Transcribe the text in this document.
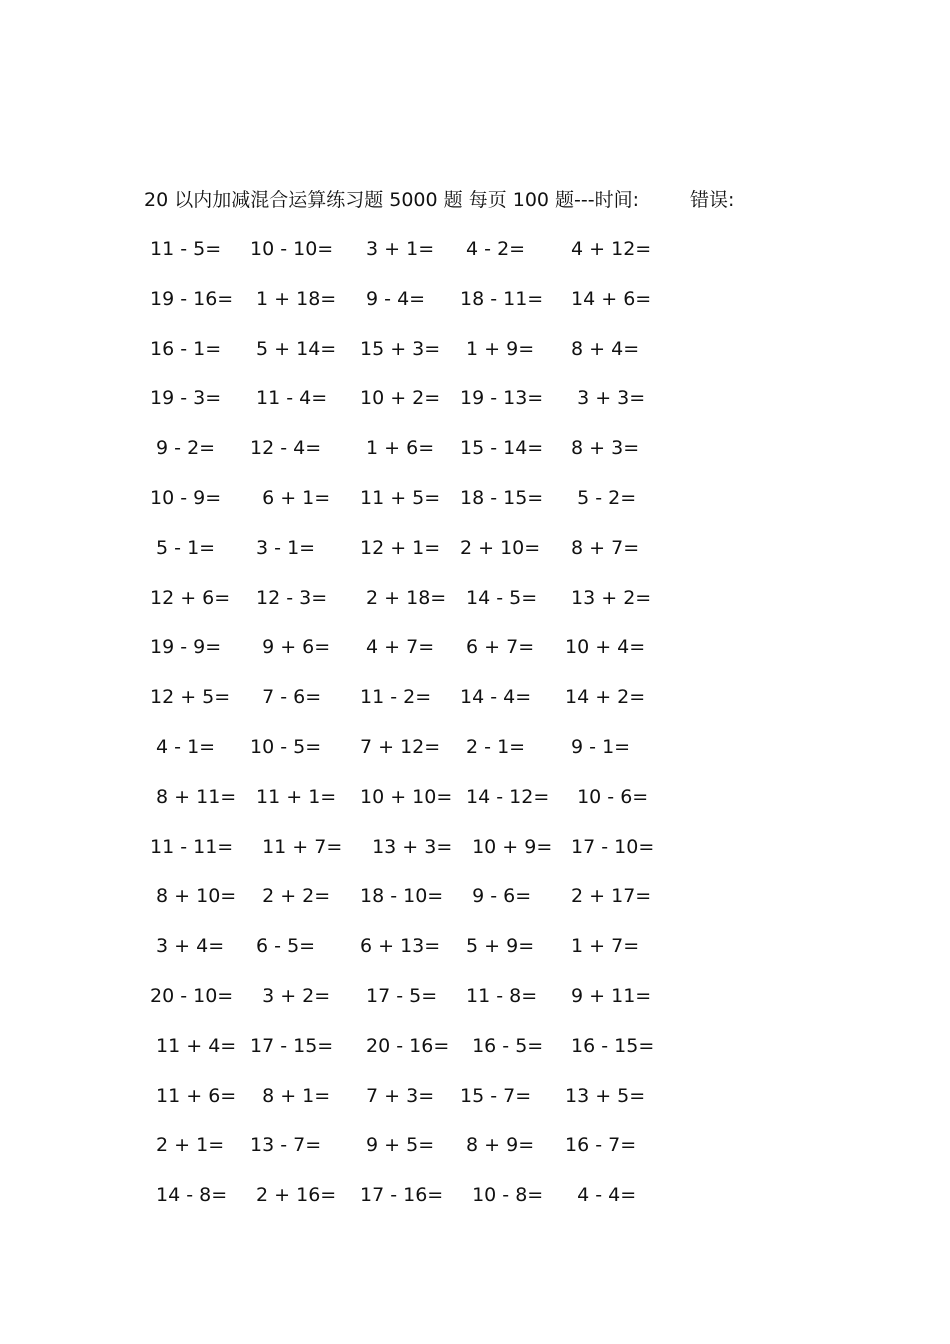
20 以内加减混合运算练习题 5000 题 每页 100 题---时间:	错误:
11 - 5= 10 - 10= 3 + 1= 4 - 2= 4 + 12=
19 - 16= 1 + 18= 9 - 4= 18 - 11= 14 + 6=
16 - 1= 5 + 14= 15 + 3= 1 + 9= 8 + 4=
19 - 3= 11 - 4= 10 + 2= 19 - 13= 3 + 3=
9 - 2= 12 - 4= 1 + 6= 15 - 14= 8 + 3=
10 - 9= 6 + 1= 11 + 5= 18 - 15= 5 - 2=
5 - 1= 3 - 1= 12 + 1= 2 + 10= 8 + 7=
12 + 6= 12 - 3= 2 + 18= 14 - 5= 13 + 2=
19 - 9= 9 + 6= 4 + 7= 6 + 7= 10 + 4=
12 + 5= 7 - 6= 11 - 2= 14 - 4= 14 + 2=
4 - 1= 10 - 5= 7 + 12= 2 - 1= 9 - 1=
8 + 11= 11 + 1= 10 + 10= 14 - 12= 10 - 6=
11 - 11= 11 + 7= 13 + 3= 10 + 9= 17 - 10=
8 + 10= 2 + 2= 18 - 10= 9 - 6= 2 + 17=
3 + 4= 6 - 5= 6 + 13= 5 + 9= 1 + 7=
20 - 10= 3 + 2= 17 - 5= 11 - 8= 9 + 11=
11 + 4= 17 - 15= 20 - 16= 16 - 5= 16 - 15=
11 + 6= 8 + 1= 7 + 3= 15 - 7= 13 + 5=
2 + 1= 13 - 7= 9 + 5= 8 + 9= 16 - 7=
14 - 8= 2 + 16= 17 - 16= 10 - 8= 4 - 4=
